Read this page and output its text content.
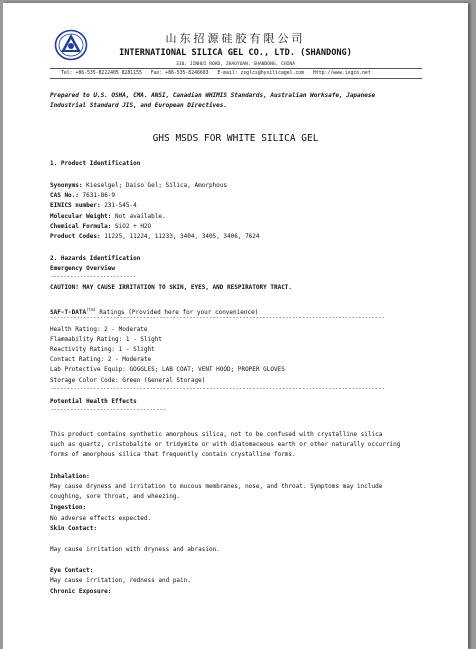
山东招源硅胶有限公司
INTERNATIONAL SILICA GEL CO., LTD. (SHANDONG)
330, JINHUI ROAD, ZHAOYUAN, SHANDONG, CHINA
Tel: +86-535-8222405 8281155 Fax: +86-535-8246663 E-mail: zsglcs@hysilicagel.com Http://www.isgco.net
Prepared to U.S. OSHA, CMA. ANSI, Canadian WHIMIS Standards, Australian Worksafe, Japanese
Industrial Standard JIS, and European Directives.
GHS MSDS FOR WHITE SILICA GEL
1. Product Identification
Synonyms: Kieselgel; Daiso Gel; Silica, Amorphous
CAS No.: 7631-86-9
EINICS number: 231-545-4
Molecular Weight: Not available.
Chemical Formula: SiO2 + H2O
Product Codes: 11225, 11224, 11233, 3404, 3405, 3406, 7624
2. Hazards Identification
Emergency Overview
--------------------------
CAUTION! MAY CAUSE IRRITATION TO SKIN, EYES, AND RESPIRATORY TRACT.
SAF-$T-DATA^{(tm)}$ Ratings (Provided here for your convenience)
-----------------------------------------------------------------------------------------------------
Health Rating: 2 - Moderate
Flammability Rating: 1 - Slight
Reactivity Rating: 1 - Slight
Contact Rating: 2 - Moderate
Lab Protective Equip: GOGGLES; LAB COAT; VENT HOOD; PROPER GLOVES
Storage Color Code: Green (General Storage)
-----------------------------------------------------------------------------------------------------
Potential Health Effects
-----------------------------------
This product contains synthetic amorphous silica, not to be confused with crystalline silica
such as quartz, cristobalite or tridymite or with diatomaceous earth or other naturally occurring
forms of amorphous silica that frequently contain crystalline forms.
Inhalation:
May cause dryness and irritation to mucous membranes, nose, and throat. Symptoms may include
coughing, sore throat, and wheezing.
Ingestion:
No adverse effects expected.
Skin Contact:
May cause irritation with dryness and abrasion.
Eye Contact:
May cause irritation, redness and pain.
Chronic Exposure:
